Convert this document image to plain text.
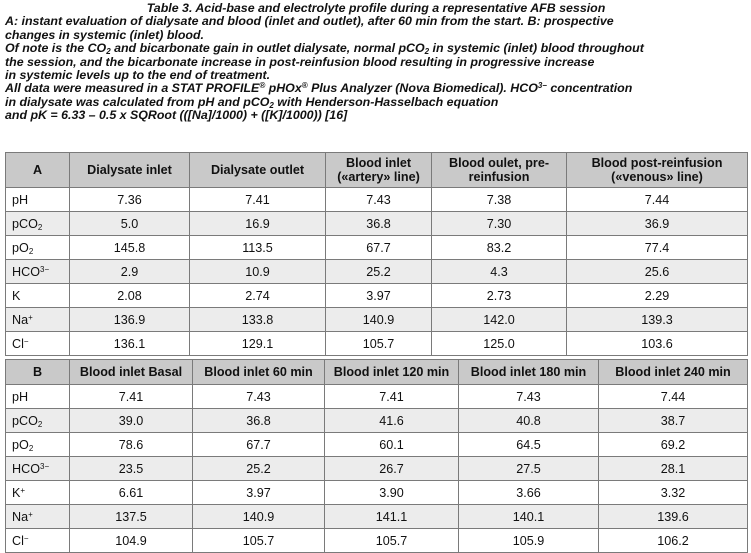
Table 3. Acid-base and electrolyte profile during a representative AFB session
A: instant evaluation of dialysate and blood (inlet and outlet), after 60 min from the start. B: prospective
changes in systemic (inlet) blood.
Of note is the $CO_2$ and bicarbonate gain in outlet dialysate, normal pCO$_2$ in systemic (inlet) blood throughout
the session, and the bicarbonate increase in post-reinfusion blood resulting in progressive increase
in systemic levels up to the end of treatment.
All data were measured in a STAT PROFILE® pHOx® Plus Analyzer (Nova Biomedical). $HCO^{3-}$ concentration
in dialysate was calculated from pH and pCO$_2$ with Henderson-Hasselbach equation
and pK = 6.33 – 0.5 x SQRoot (([Na]/1000) + ([K]/1000)) [16]
A	Dialysate inlet	Dialysate outlet	Blood inlet («artery» line)	Blood oulet, pre-reinfusion	Blood post-reinfusion («venous» line)
pH	7.36	7.41	7.43	7.38	7.44
pCO$_2$	5.0	16.9	36.8	7.30	36.9
$pO_2$	145.8	113.5	67.7	83.2	77.4
$HCO^{3-}$	2.9	10.9	25.2	4.3	25.6
K	2.08	2.74	3.97	2.73	2.29
Na+	136.9	133.8	140.9	142.0	139.3
Cl−	136.1	129.1	105.7	125.0	103.6
B	Blood inlet Basal	Blood inlet 60 min	Blood inlet 120 min	Blood inlet 180 min	Blood inlet 240 min
pH	7.41	7.43	7.41	7.43	7.44
pCO$_2$	39.0	36.8	41.6	40.8	38.7
$pO_2$	78.6	67.7	60.1	64.5	69.2
$HCO^{3-}$	23.5	25.2	26.7	27.5	28.1
K+	6.61	3.97	3.90	3.66	3.32
Na+	137.5	140.9	141.1	140.1	139.6
Cl−	104.9	105.7	105.7	105.9	106.2
